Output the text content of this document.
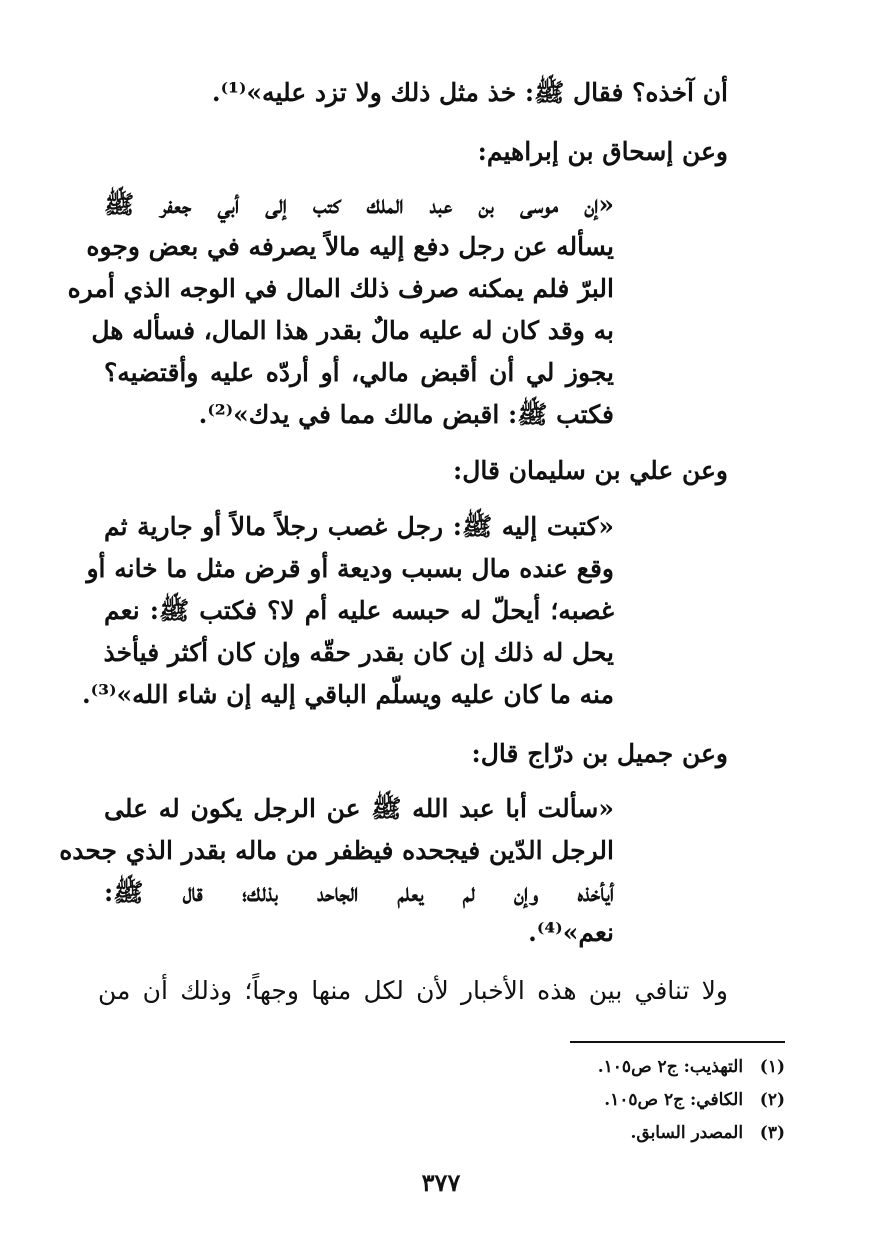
أن آخذه؟ فقال ﷺ: خذ مثل ذلك ولا تزد عليه»⁽¹⁾.
وعن إسحاق بن إبراهيم:
«إن موسى بن عبد الملك كتب إلى أبي جعفر ﷺ
يسأله عن رجل دفع إليه مالاً يصرفه في بعض وجوه
البرّ فلم يمكنه صرف ذلك المال في الوجه الذي أمره
به وقد كان له عليه مالٌ بقدر هذا المال، فسأله هل
يجوز لي أن أقبض مالي، أو أردّه عليه وأقتضيه؟
فكتب ﷺ: اقبض مالك مما في يدك»⁽²⁾.
وعن علي بن سليمان قال:
«كتبت إليه ﷺ: رجل غصب رجلاً مالاً أو جارية ثم
وقع عنده مال بسبب وديعة أو قرض مثل ما خانه أو
غصبه؛ أيحلّ له حبسه عليه أم لا؟ فكتب ﷺ: نعم
يحل له ذلك إن كان بقدر حقّه وإن كان أكثر فيأخذ
منه ما كان عليه ويسلّم الباقي إليه إن شاء الله»⁽³⁾.
وعن جميل بن درّاج قال:
«سألت أبا عبد الله ﷺ عن الرجل يكون له على
الرجل الدّين فيجحده فيظفر من ماله بقدر الذي جحده
أيأخذه وإن لم يعلم الجاحد بذلك؛ قال ﷺ:
نعم»⁽⁴⁾.
ولا تنافي بين هذه الأخبار لأن لكل منها وجهاً؛ وذلك أن من
(١) التهذيب: ج٢ ص١٠٥.
(٢) الكافي: ج٢ ص١٠٥.
(٣) المصدر السابق.
٣٧٧
